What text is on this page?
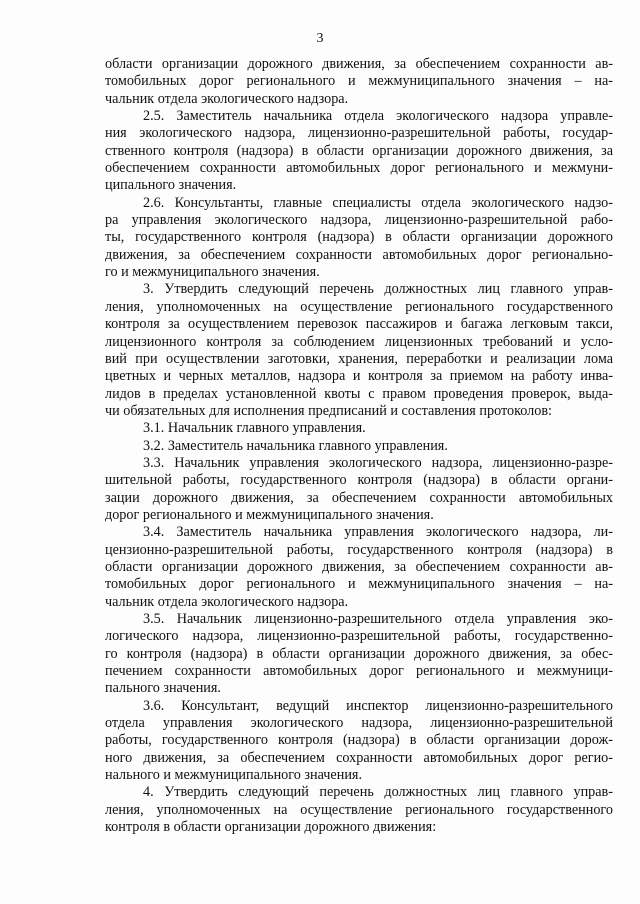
3
области организации дорожного движения, за обеспечением сохранности ав-
томобильных дорог регионального и межмуниципального значения – на-
чальник отдела экологического надзора.
2.5. Заместитель начальника отдела экологического надзора управле-
ния экологического надзора, лицензионно-разрешительной работы, государ-
ственного контроля (надзора) в области организации дорожного движения, за
обеспечением сохранности автомобильных дорог регионального и межмуни-
ципального значения.
2.6. Консультанты, главные специалисты отдела экологического надзо-
ра управления экологического надзора, лицензионно-разрешительной рабо-
ты, государственного контроля (надзора) в области организации дорожного
движения, за обеспечением сохранности автомобильных дорог регионально-
го и межмуниципального значения.
3. Утвердить следующий перечень должностных лиц главного управ-
ления, уполномоченных на осуществление регионального государственного
контроля за осуществлением перевозок пассажиров и багажа легковым такси,
лицензионного контроля за соблюдением лицензионных требований и усло-
вий при осуществлении заготовки, хранения, переработки и реализации лома
цветных и черных металлов, надзора и контроля за приемом на работу инва-
лидов в пределах установленной квоты с правом проведения проверок, выда-
чи обязательных для исполнения предписаний и составления протоколов:
3.1. Начальник главного управления.
3.2. Заместитель начальника главного управления.
3.3. Начальник управления экологического надзора, лицензионно-разре-
шительной работы, государственного контроля (надзора) в области органи-
зации дорожного движения, за обеспечением сохранности автомобильных
дорог регионального и межмуниципального значения.
3.4. Заместитель начальника управления экологического надзора, ли-
цензионно-разрешительной работы, государственного контроля (надзора) в
области организации дорожного движения, за обеспечением сохранности ав-
томобильных дорог регионального и межмуниципального значения – на-
чальник отдела экологического надзора.
3.5. Начальник лицензионно-разрешительного отдела управления эко-
логического надзора, лицензионно-разрешительной работы, государственно-
го контроля (надзора) в области организации дорожного движения, за обес-
печением сохранности автомобильных дорог регионального и межмуници-
пального значения.
3.6. Консультант, ведущий инспектор лицензионно-разрешительного
отдела управления экологического надзора, лицензионно-разрешительной
работы, государственного контроля (надзора) в области организации дорож-
ного движения, за обеспечением сохранности автомобильных дорог регио-
нального и межмуниципального значения.
4. Утвердить следующий перечень должностных лиц главного управ-
ления, уполномоченных на осуществление регионального государственного
контроля в области организации дорожного движения:
